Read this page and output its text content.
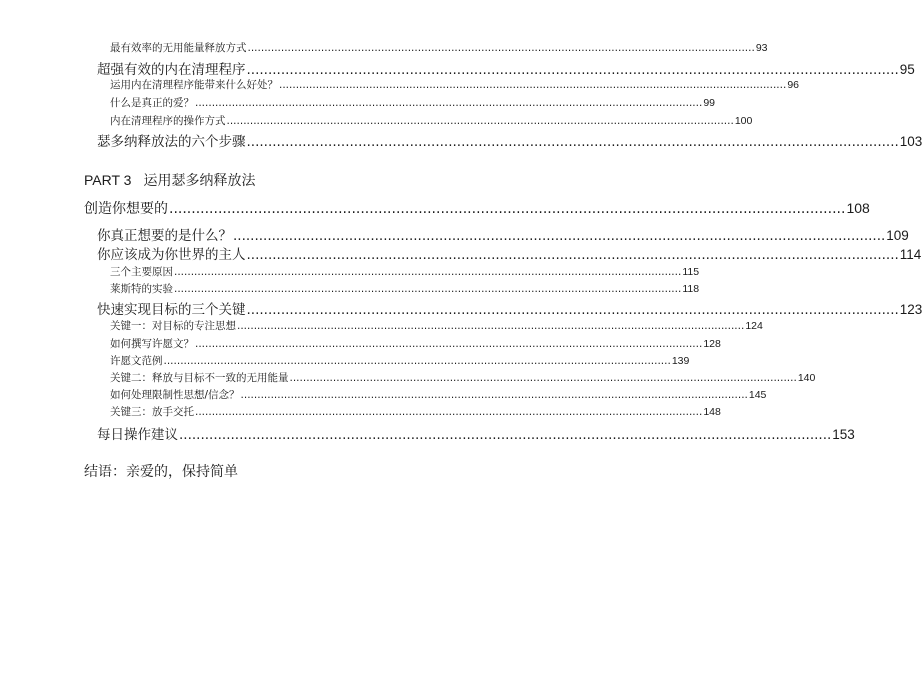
最有效率的无用能量释放方式 ........................................................................................................................................................ 93
超强有效的内在清理程序 ........................................................................................................................................................ 95
运用内在清理程序能带来什么好处？ ........................................................................................................................................................ 96
什么是真正的爱？ ........................................................................................................................................................ 99
内在清理程序的操作方式 ........................................................................................................................................................ 100
瑟多纳释放法的六个步骤 ........................................................................................................................................................ 103
PART 3 运用瑟多纳释放法
创造你想要的 ........................................................................................................................................................ 108
你真正想要的是什么？ ........................................................................................................................................................ 109
你应该成为你世界的主人 ........................................................................................................................................................ 114
三个主要原因 ........................................................................................................................................................ 115
莱斯特的实验 ........................................................................................................................................................ 118
快速实现目标的三个关键 ........................................................................................................................................................ 123
关键一：对目标的专注思想 ........................................................................................................................................................ 124
如何撰写许愿文？ ........................................................................................................................................................ 128
许愿文范例 ........................................................................................................................................................ 139
关键二：释放与目标不一致的无用能量 ........................................................................................................................................................ 140
如何处理限制性思想/信念？ ........................................................................................................................................................ 145
关键三：放手交托 ........................................................................................................................................................ 148
每日操作建议 ........................................................................................................................................................ 153
结语：亲爱的，保持简单
